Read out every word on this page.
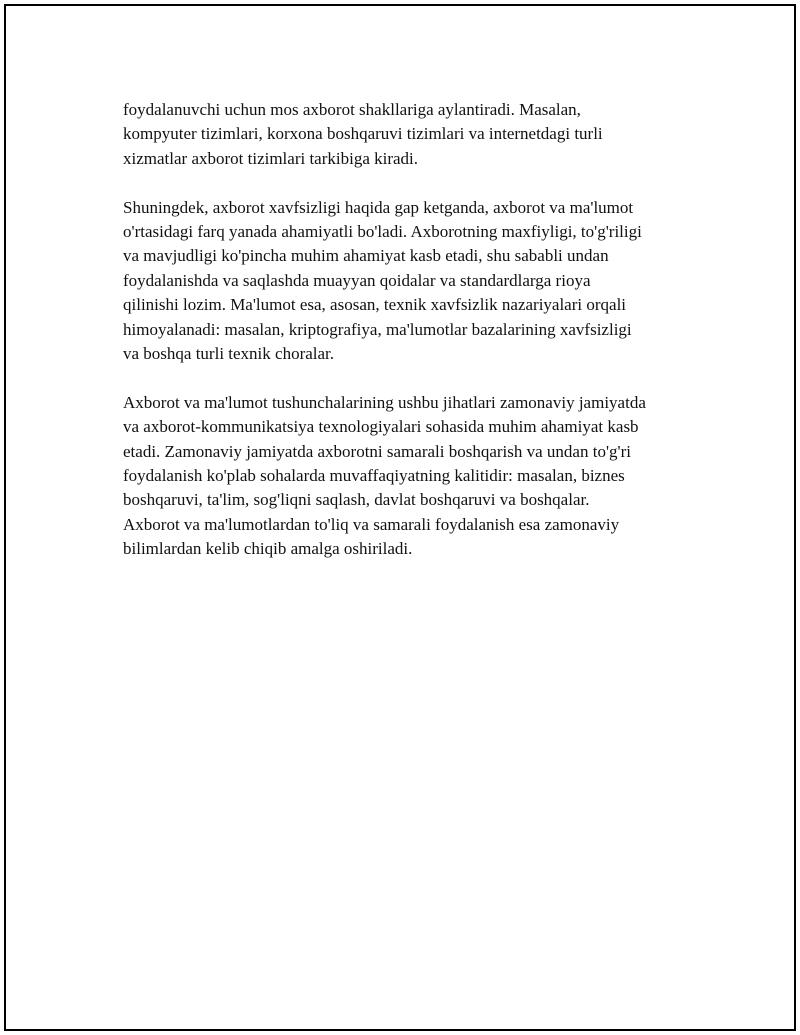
foydalanuvchi uchun mos axborot shakllariga aylantiradi. Masalan,
kompyuter tizimlari, korxona boshqaruvi tizimlari va internetdagi turli
xizmatlar axborot tizimlari tarkibiga kiradi.

Shuningdek, axborot xavfsizligi haqida gap ketganda, axborot va ma'lumot
o'rtasidagi farq yanada ahamiyatli bo'ladi. Axborotning maxfiyligi, to'g'riligi
va mavjudligi ko'pincha muhim ahamiyat kasb etadi, shu sababli undan
foydalanishda va saqlashda muayyan qoidalar va standardlarga rioya
qilinishi lozim. Ma'lumot esa, asosan, texnik xavfsizlik nazariyalari orqali
himoyalanadi: masalan, kriptografiya, ma'lumotlar bazalarining xavfsizligi
va boshqa turli texnik choralar.

Axborot va ma'lumot tushunchalarining ushbu jihatlari zamonaviy jamiyatda
va axborot-kommunikatsiya texnologiyalari sohasida muhim ahamiyat kasb
etadi. Zamonaviy jamiyatda axborotni samarali boshqarish va undan to'g'ri
foydalanish ko'plab sohalarda muvaffaqiyatning kalitidir: masalan, biznes
boshqaruvi, ta'lim, sog'liqni saqlash, davlat boshqaruvi va boshqalar.
Axborot va ma'lumotlardan to'liq va samarali foydalanish esa zamonaviy
bilimlardan kelib chiqib amalga oshiriladi.
